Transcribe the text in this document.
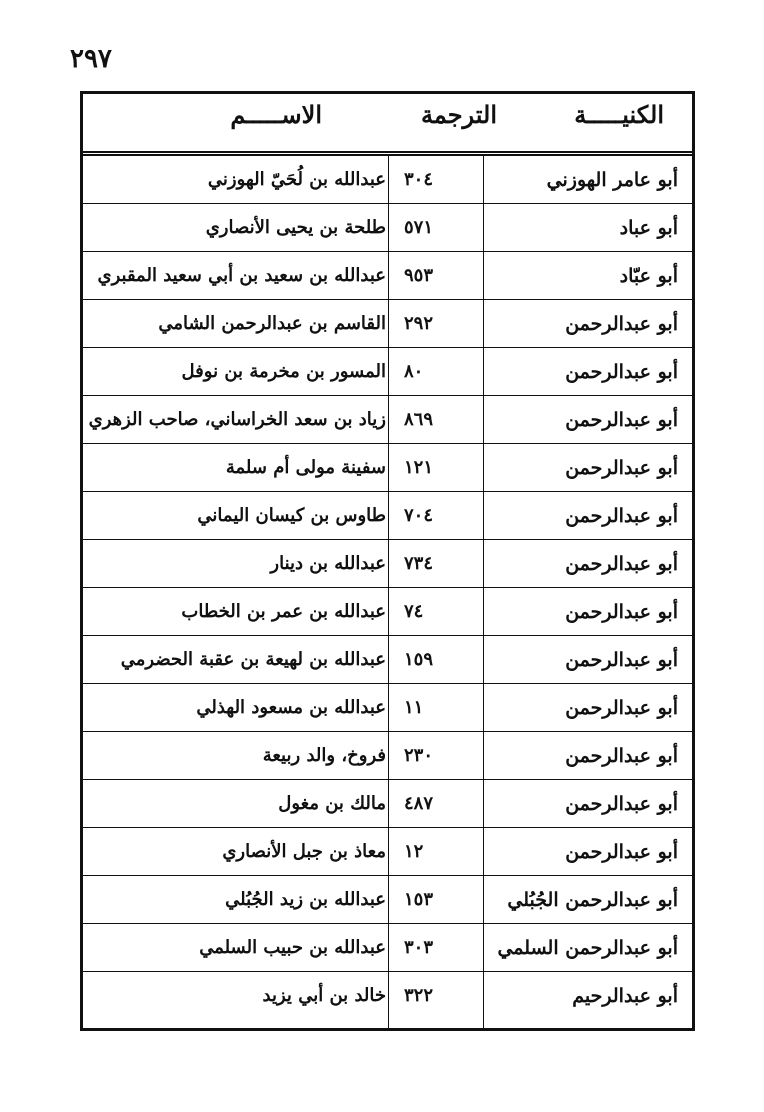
٢٩٧
الكنيـــــة
الترجمة
الاســـــم
أبو عامر الهوزني
٣٠٤
عبدالله بن لُحَيّ الهوزني
أبو عباد
٥٧١
طلحة بن يحيى الأنصاري
أبو عبّاد
٩٥٣
عبدالله بن سعيد بن أبي سعيد المقبري
أبو عبدالرحمن
٢٩٢
القاسم بن عبدالرحمن الشامي
أبو عبدالرحمن
٨٠
المسور بن مخرمة بن نوفل
أبو عبدالرحمن
٨٦٩
زياد بن سعد الخراساني، صاحب الزهري
أبو عبدالرحمن
١٢١
سفينة مولى أم سلمة
أبو عبدالرحمن
٧٠٤
طاوس بن كيسان اليماني
أبو عبدالرحمن
٧٣٤
عبدالله بن دينار
أبو عبدالرحمن
٧٤
عبدالله بن عمر بن الخطاب
أبو عبدالرحمن
١٥٩
عبدالله بن لهيعة بن عقبة الحضرمي
أبو عبدالرحمن
١١
عبدالله بن مسعود الهذلي
أبو عبدالرحمن
٢٣٠
فروخ، والد ربيعة
أبو عبدالرحمن
٤٨٧
مالك بن مغول
أبو عبدالرحمن
١٢
معاذ بن جبل الأنصاري
أبو عبدالرحمن الجُبُلي
١٥٣
عبدالله بن زيد الجُبُلي
أبو عبدالرحمن السلمي
٣٠٣
عبدالله بن حبيب السلمي
أبو عبدالرحيم
٣٢٢
خالد بن أبي يزيد
